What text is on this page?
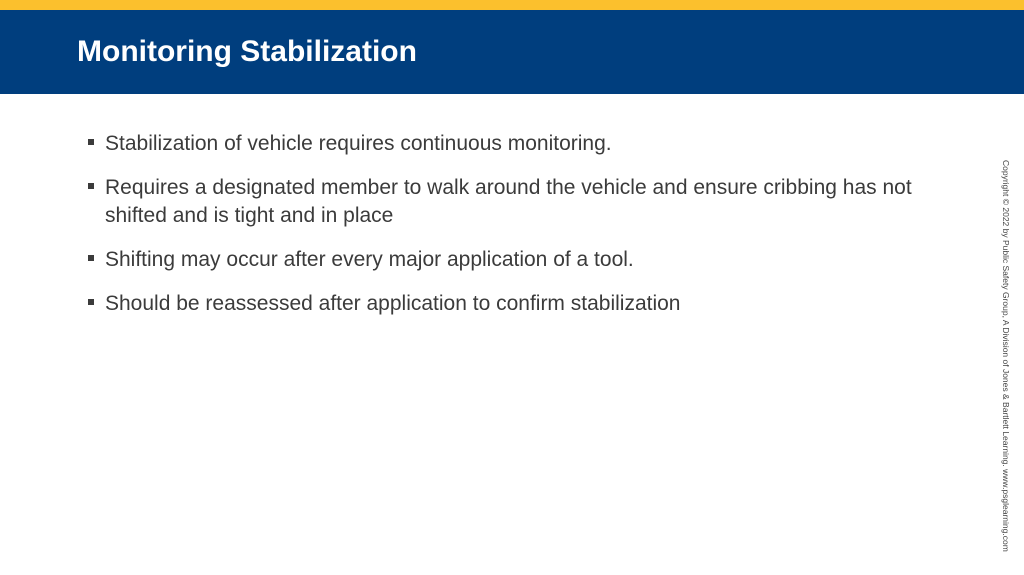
Monitoring Stabilization
Stabilization of vehicle requires continuous monitoring.
Requires a designated member to walk around the vehicle and ensure cribbing has not shifted and is tight and in place
Shifting may occur after every major application of a tool.
Should be reassessed after application to confirm stabilization	Copyright © 2022 by Public Safety Group, A Division of Jones & Bartlett Learning. www.psglearning.com
